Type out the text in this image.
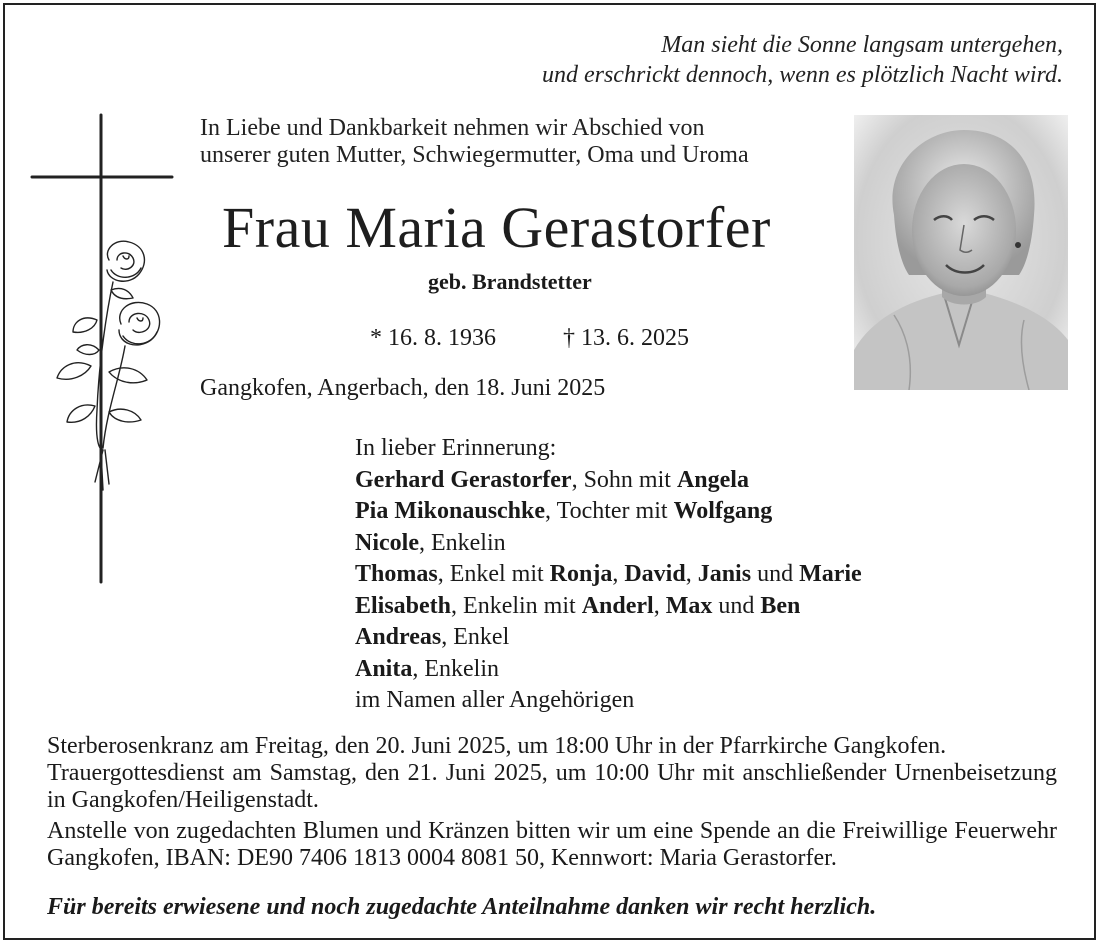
Man sieht die Sonne langsam untergehen,
und erschrickt dennoch, wenn es plötzlich Nacht wird.
In Liebe und Dankbarkeit nehmen wir Abschied von
unserer guten Mutter, Schwiegermutter, Oma und Uroma
Frau Maria Gerastorfer
geb. Brandstetter
* 16. 8. 1936	† 13. 6. 2025
Gangkofen, Angerbach, den 18. Juni 2025
In lieber Erinnerung:
Gerhard Gerastorfer, Sohn mit Angela
Pia Mikonauschke, Tochter mit Wolfgang
Nicole, Enkelin
Thomas, Enkel mit Ronja, David, Janis und Marie
Elisabeth, Enkelin mit Anderl, Max und Ben
Andreas, Enkel
Anita, Enkelin
im Namen aller Angehörigen

Sterberosenkranz am Freitag, den 20. Juni 2025, um 18:00 Uhr in der Pfarrkirche Gangkofen.

Trauergottesdienst am Samstag, den 21. Juni 2025, um 10:00 Uhr mit anschließender Urnenbeisetzung in Gangkofen/Heiligenstadt.

Anstelle von zugedachten Blumen und Kränzen bitten wir um eine Spende an die Freiwillige Feuerwehr Gangkofen, IBAN: DE90 7406 1813 0004 8081 50, Kennwort: Maria Gerastorfer.

Für bereits erwiesene und noch zugedachte Anteilnahme danken wir recht herzlich.
